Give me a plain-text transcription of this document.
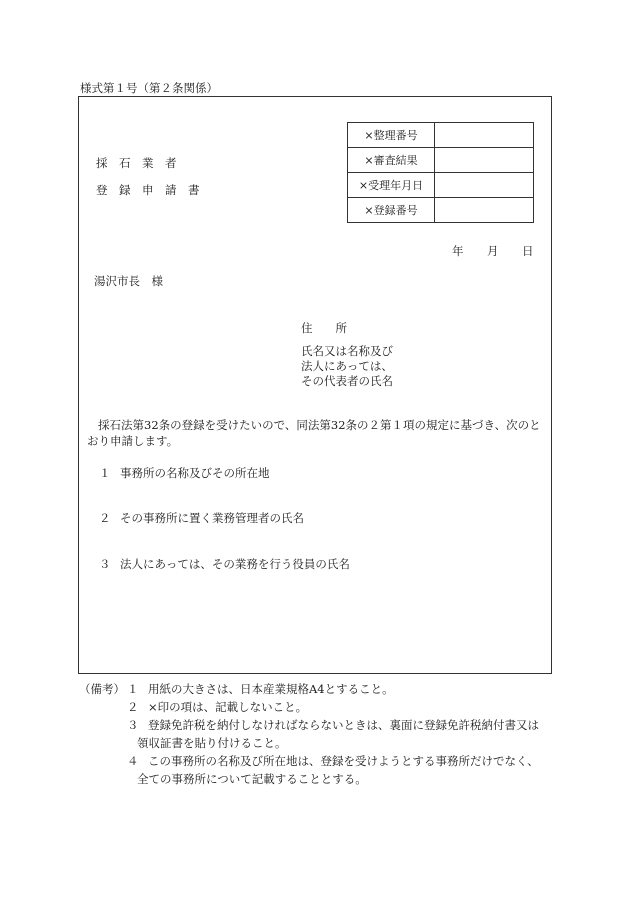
様式第１号（第２条関係）
採　石　業　者
登　録　申　請　書
×整理番号	
×審査結果	
×受理年月日	
×登録番号	
年 月 日
湯沢市長　様
住　　所
氏名又は名称及び
法人にあっては、
その代表者の氏名
採石法第32条の登録を受けたいので、同法第32条の２第１項の規定に基づき、次のとおり申請します。
１ 事務所の名称及びその所在地
２ その事務所に置く業務管理者の氏名
３ 法人にあっては、その業務を行う役員の氏名
（備考） １ 用紙の大きさは、日本産業規格A4とすること。
２ ×印の項は、記載しないこと。
３ 登録免許税を納付しなければならないときは、裏面に登録免許税納付書又は
領収証書を貼り付けること。
４ この事務所の名称及び所在地は、登録を受けようとする事務所だけでなく、
全ての事務所について記載することとする。
